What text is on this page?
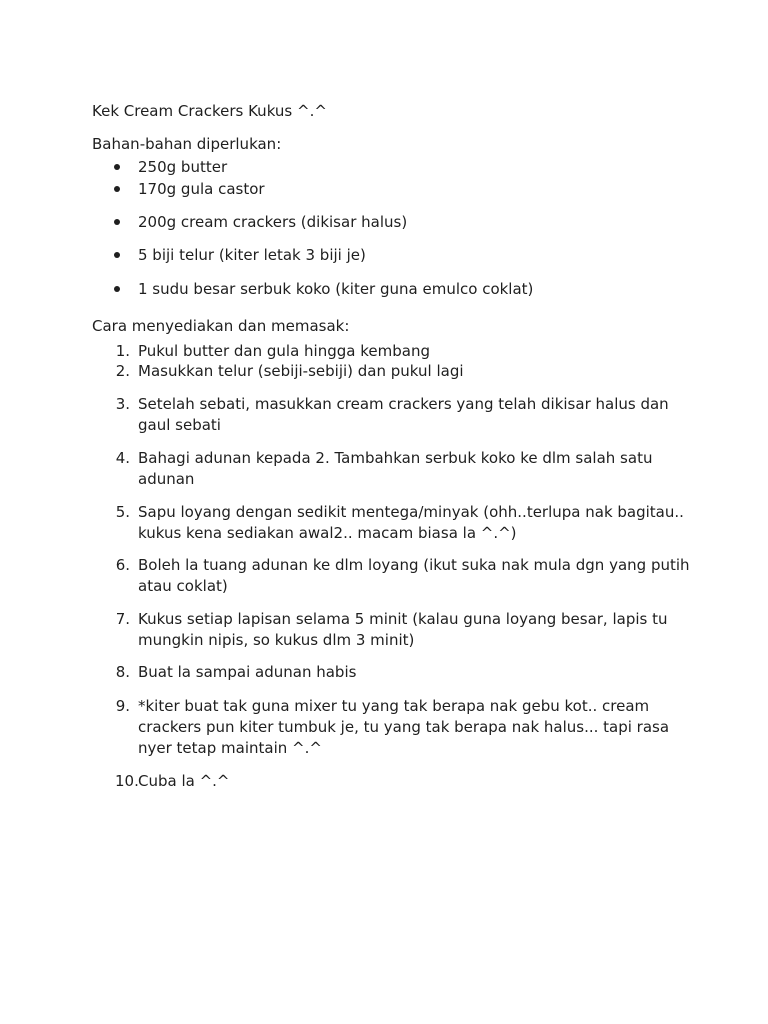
Kek Cream Crackers Kukus ^.^
Bahan-bahan diperlukan:
250g butter
170g gula castor
200g cream crackers (dikisar halus)
5 biji telur (kiter letak 3 biji je)
1 sudu besar serbuk koko (kiter guna emulco coklat)
Cara menyediakan dan memasak:
1. Pukul butter dan gula hingga kembang
2. Masukkan telur (sebiji-sebiji) dan pukul lagi
3. Setelah sebati, masukkan cream crackers yang telah dikisar halus dan
gaul sebati
4. Bahagi adunan kepada 2. Tambahkan serbuk koko ke dlm salah satu
adunan
5. Sapu loyang dengan sedikit mentega/minyak (ohh..terlupa nak bagitau..
kukus kena sediakan awal2.. macam biasa la ^.^)
6. Boleh la tuang adunan ke dlm loyang (ikut suka nak mula dgn yang putih
atau coklat)
7. Kukus setiap lapisan selama 5 minit (kalau guna loyang besar, lapis tu
mungkin nipis, so kukus dlm 3 minit)
8. Buat la sampai adunan habis
9. *kiter buat tak guna mixer tu yang tak berapa nak gebu kot.. cream
crackers pun kiter tumbuk je, tu yang tak berapa nak halus... tapi rasa
nyer tetap maintain ^.^
10. Cuba la ^.^
